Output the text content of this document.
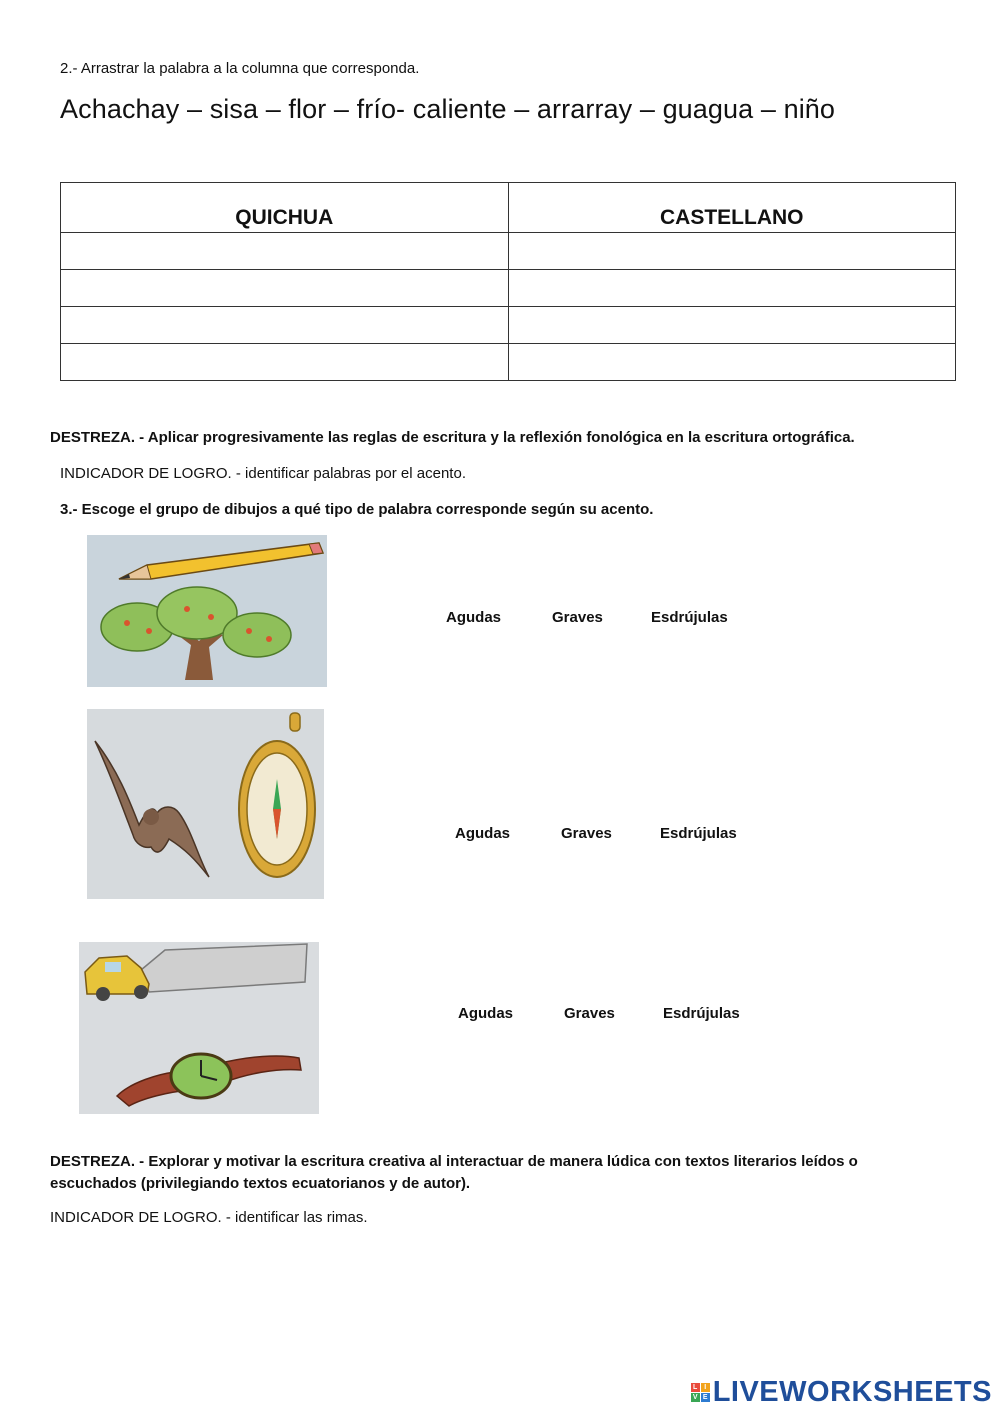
2.- Arrastrar la palabra a la columna que corresponda.
Achachay – sisa – flor – frío- caliente – arrarray – guagua – niño
QUICHUA	CASTELLANO

DESTREZA. - Aplicar progresivamente las reglas de escritura y la reflexión fonológica en la escritura ortográfica.
INDICADOR DE LOGRO. - identificar palabras por el acento.
3.- Escoge el grupo de dibujos a qué tipo de palabra corresponde según su acento.
Agudas	Graves	Esdrújulas
Agudas	Graves	Esdrújulas
Agudas	Graves	Esdrújulas
DESTREZA. - Explorar y motivar la escritura creativa al interactuar de manera lúdica con textos literarios leídos o escuchados (privilegiando textos ecuatorianos y de autor).
INDICADOR DE LOGRO. - identificar las rimas.
L I
V E LIVEWORKSHEETS
